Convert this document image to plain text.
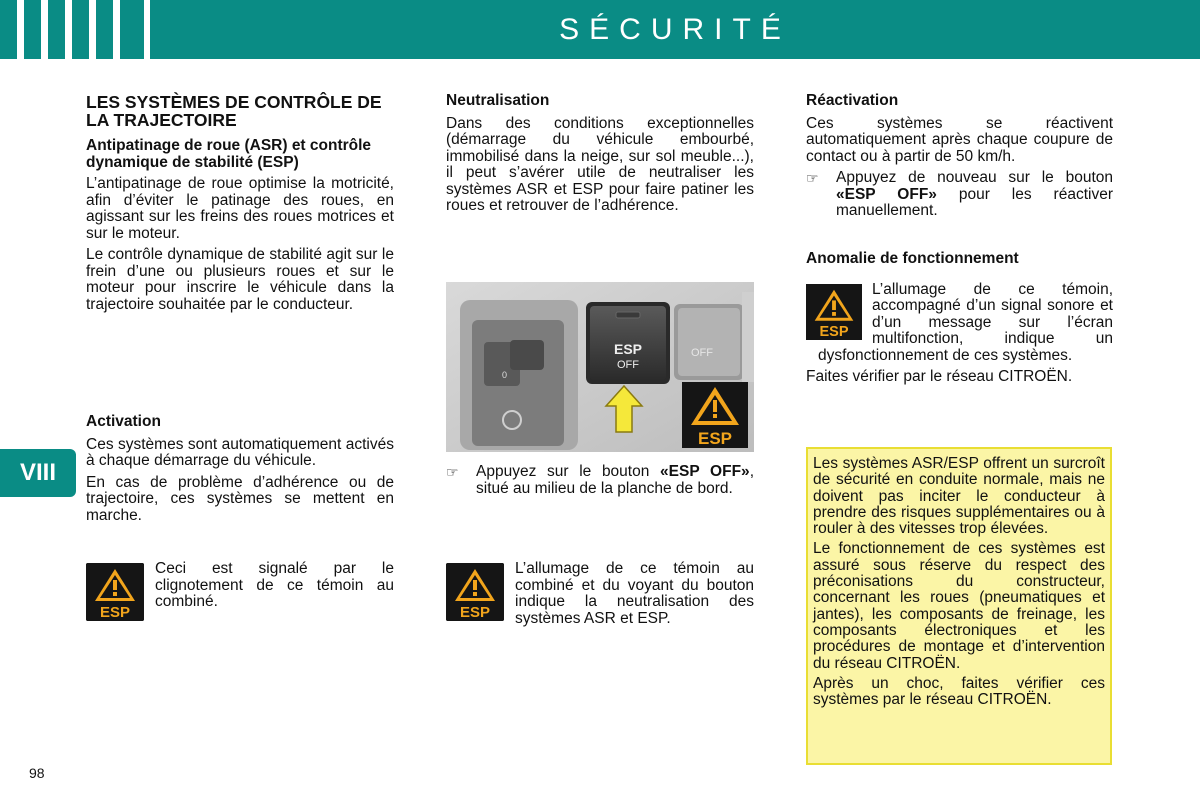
SÉCURITÉ
VIII
LES SYSTÈMES DE CONTRÔLE DE LA TRAJECTOIRE
Antipatinage de roue (ASR) et contrôle dynamique de stabilité (ESP)

L’antipatinage de roue optimise la motricité, afin d’éviter le patinage des roues, en agissant sur les freins des roues motrices et sur le moteur.

Le contrôle dynamique de stabilité agit sur le frein d’une ou plusieurs roues et sur le moteur pour inscrire le véhicule dans la trajectoire souhaitée par le conducteur.

Activation

Ces systèmes sont automatiquement activés à chaque démarrage du véhicule.

En cas de problème d’adhérence ou de trajectoire, ces systèmes se mettent en marche.

ESP

Ceci est signalé par le clignotement de ce témoin au combiné.

Neutralisation

Dans des conditions exceptionnelles (démarrage du véhicule embourbé, immobilisé dans la neige, sur sol meuble...), il peut s’avérer utile de neutraliser les systèmes ASR et ESP pour faire patiner les roues et retrouver de l’adhérence.

0
ESP
OFF
OFF
ESP
☞	Appuyez sur le bouton «ESP OFF», situé au milieu de la planche de bord.
ESP

L’allumage de ce témoin au combiné et du voyant du bouton indique la neutralisation des systèmes ASR et ESP.

Réactivation

Ces systèmes se réactivent automatiquement après chaque coupure de contact ou à partir de 50 km/h.

☞	Appuyez de nouveau sur le bouton «ESP OFF» pour les réactiver manuellement.
Anomalie de fonctionnement
ESP

L’allumage de ce témoin, accompagné d’un signal sonore et d’un message sur l’écran multifonction, indique un dysfonctionnement de ces systèmes.

Faites vérifier par le réseau CITROËN.

Les systèmes ASR/ESP offrent un surcroît de sécurité en conduite normale, mais ne doivent pas inciter le conducteur à prendre des risques supplémentaires ou à rouler à des vitesses trop élevées.

Le fonctionnement de ces systèmes est assuré sous réserve du respect des préconisations du constructeur, concernant les roues (pneumatiques et jantes), les composants de freinage, les composants électroniques et les procédures de montage et d’intervention du réseau CITROËN.

Après un choc, faites vérifier ces systèmes par le réseau CITROËN.

98
